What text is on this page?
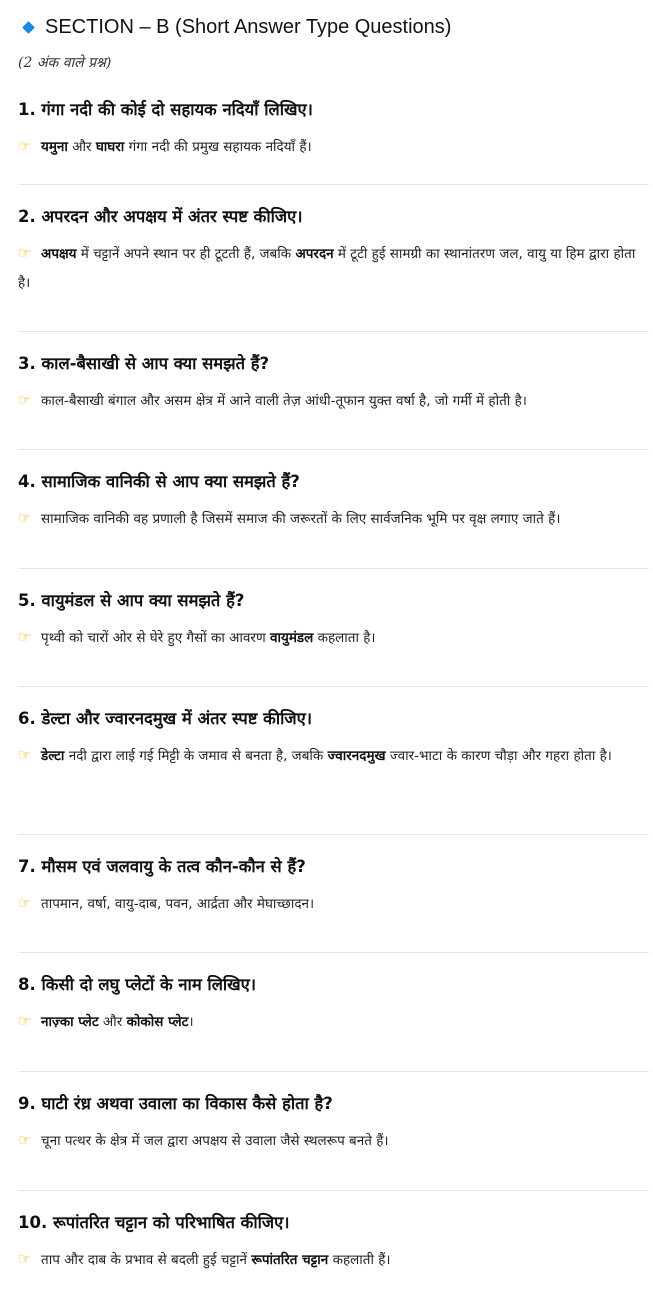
SECTION – B (Short Answer Type Questions)
(2 अंक वाले प्रश्न)

1. गंगा नदी की कोई दो सहायक नदियाँ लिखिए।

☞ यमुना और घाघरा गंगा नदी की प्रमुख सहायक नदियाँ हैं।

2. अपरदन और अपक्षय में अंतर स्पष्ट कीजिए।

☞ अपक्षय में चट्टानें अपने स्थान पर ही टूटती हैं, जबकि अपरदन में टूटी हुई सामग्री का स्थानांतरण जल, वायु या हिम द्वारा होता है।

3. काल-बैसाखी से आप क्या समझते हैं?

☞ काल-बैसाखी बंगाल और असम क्षेत्र में आने वाली तेज़ आंधी-तूफान युक्त वर्षा है, जो गर्मी में होती है।

4. सामाजिक वानिकी से आप क्या समझते हैं?

☞ सामाजिक वानिकी वह प्रणाली है जिसमें समाज की जरूरतों के लिए सार्वजनिक भूमि पर वृक्ष लगाए जाते हैं।

5. वायुमंडल से आप क्या समझते हैं?

☞ पृथ्वी को चारों ओर से घेरे हुए गैसों का आवरण वायुमंडल कहलाता है।

6. डेल्टा और ज्वारनदमुख में अंतर स्पष्ट कीजिए।

☞ डेल्टा नदी द्वारा लाई गई मिट्टी के जमाव से बनता है, जबकि ज्वारनदमुख ज्वार-भाटा के कारण चौड़ा और गहरा होता है।

7. मौसम एवं जलवायु के तत्व कौन-कौन से हैं?

☞ तापमान, वर्षा, वायु-दाब, पवन, आर्द्रता और मेघाच्छादन।

8. किसी दो लघु प्लेटों के नाम लिखिए।

☞ नाज़्का प्लेट और कोकोस प्लेट।

9. घाटी रंध्र अथवा उवाला का विकास कैसे होता है?

☞ चूना पत्थर के क्षेत्र में जल द्वारा अपक्षय से उवाला जैसे स्थलरूप बनते हैं।

10. रूपांतरित चट्टान को परिभाषित कीजिए।

☞ ताप और दाब के प्रभाव से बदली हुई चट्टानें रूपांतरित चट्टान कहलाती हैं।
